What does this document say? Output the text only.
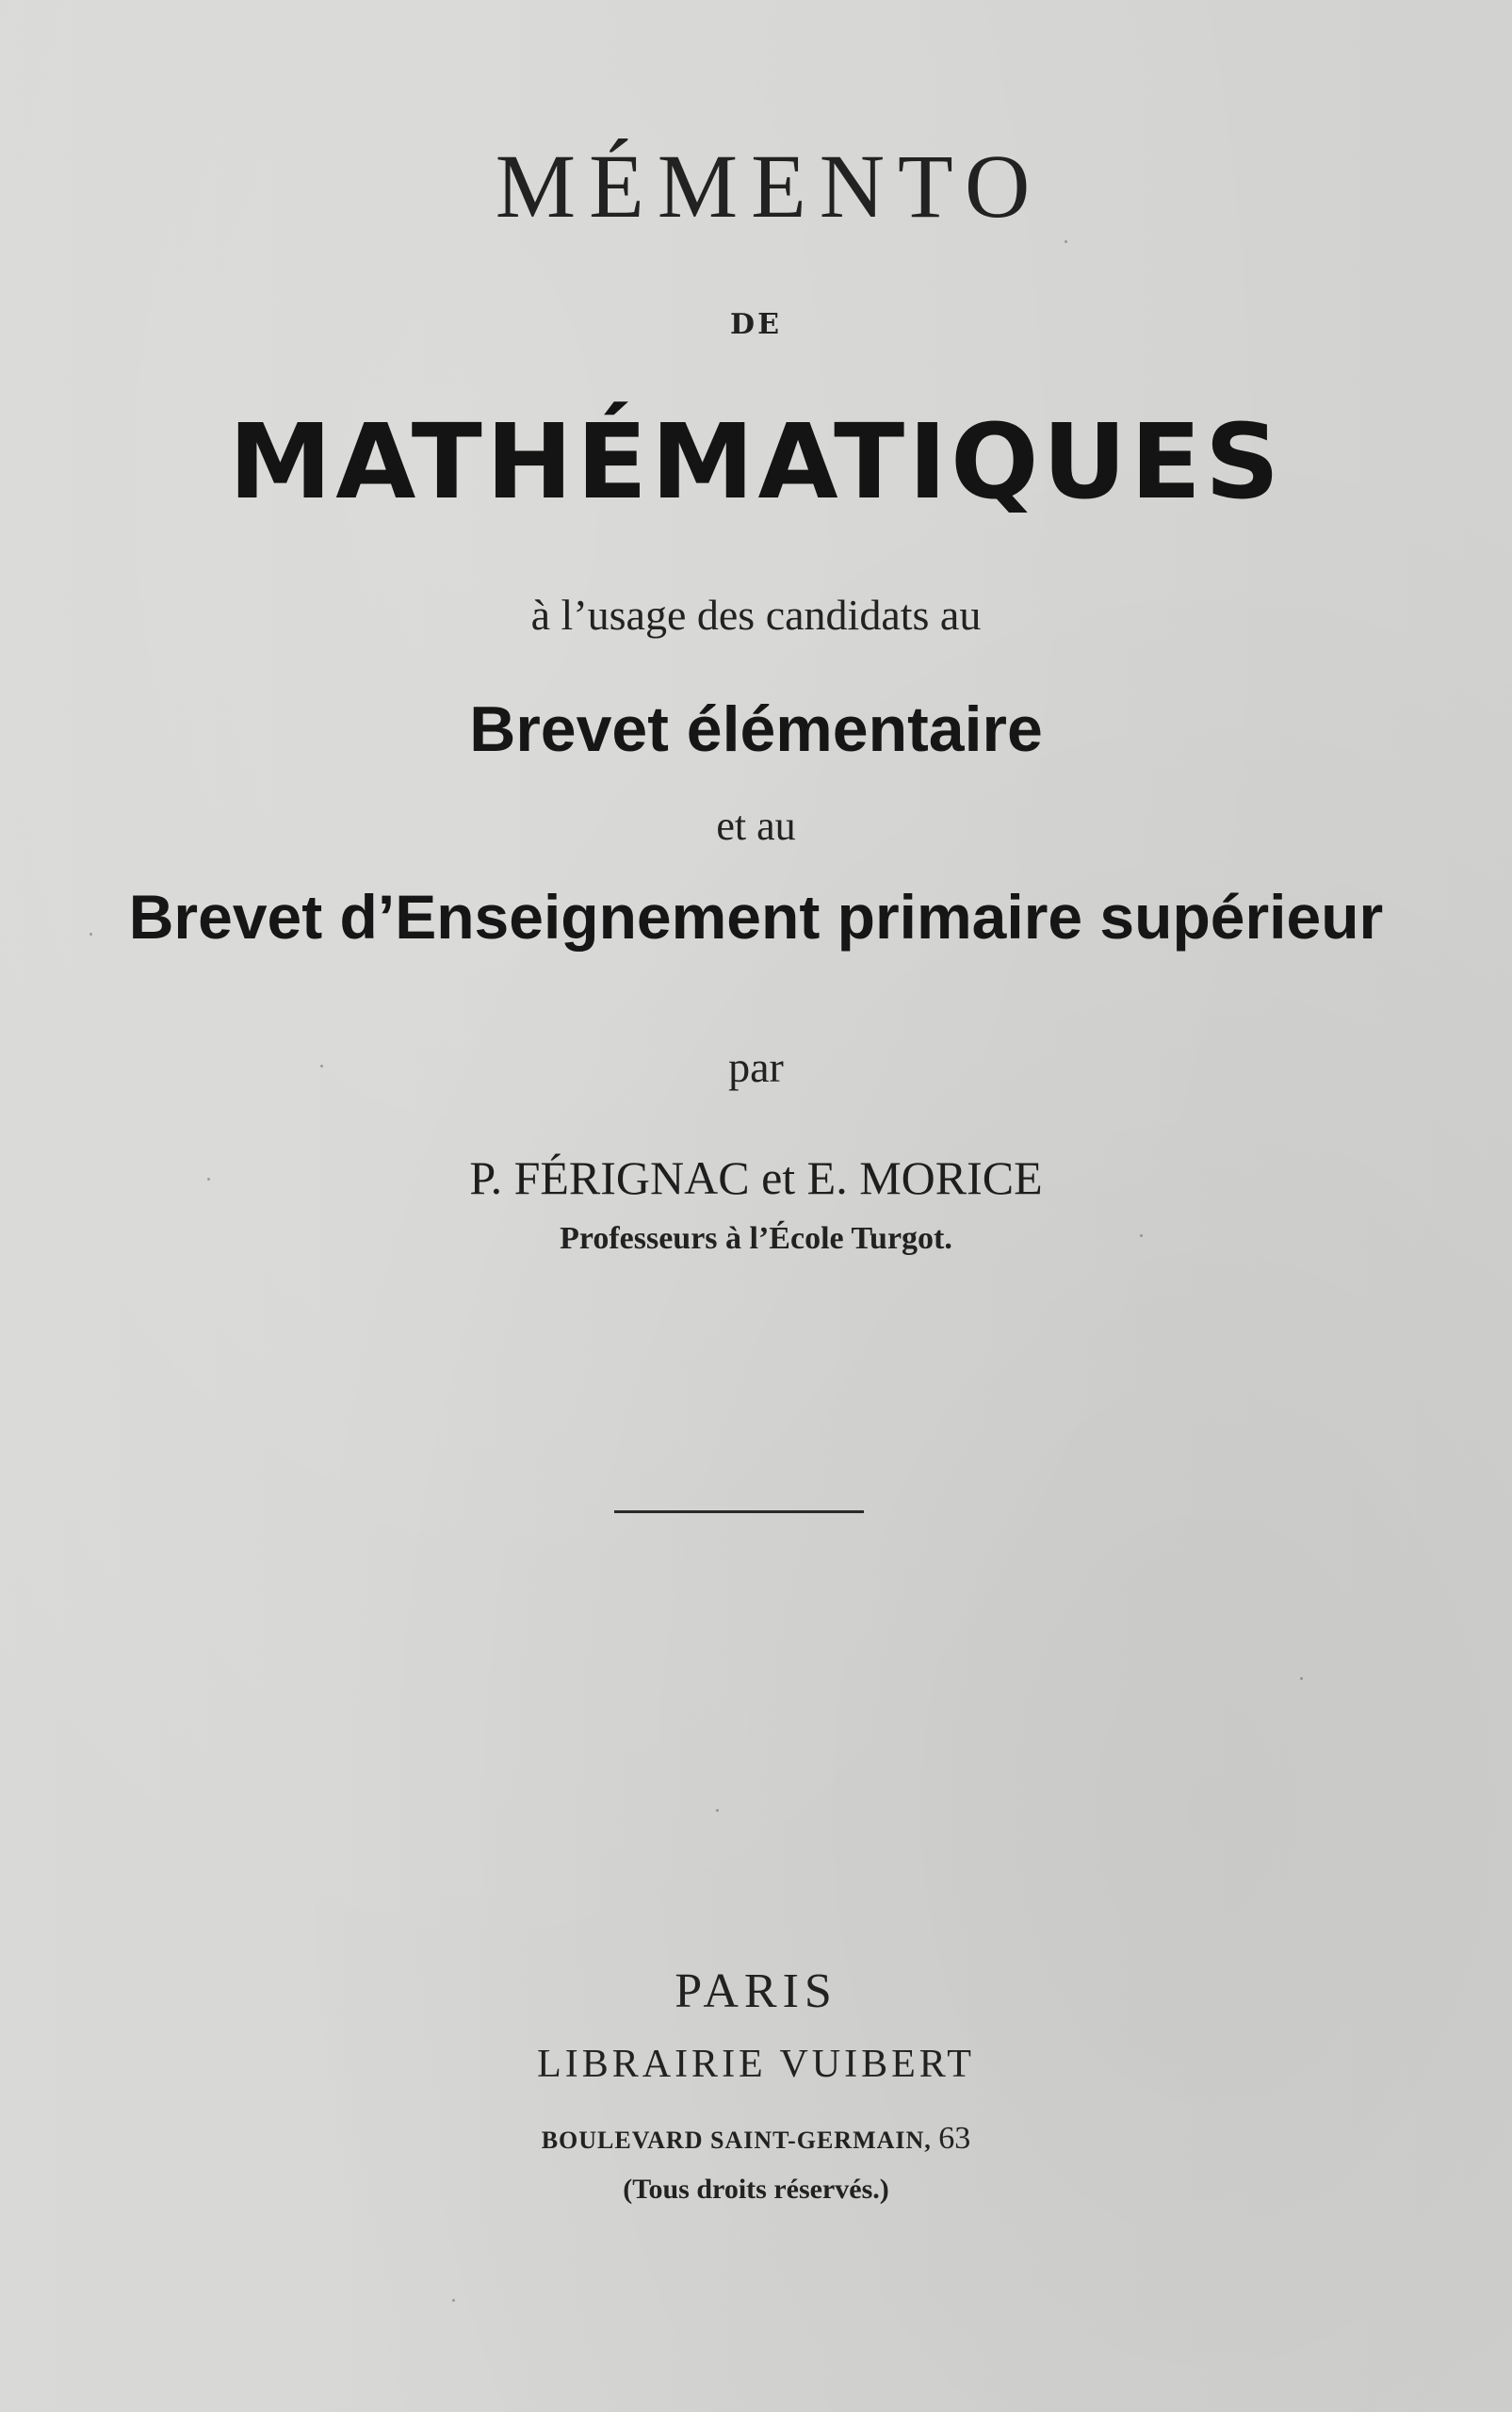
MÉMENTO
DE
MATHÉMATIQUES
à l’usage des candidats au
Brevet élémentaire
et au
Brevet d’Enseignement primaire supérieur
par
P. FÉRIGNAC et E. MORICE
Professeurs à l’École Turgot.
PARIS
LIBRAIRIE VUIBERT
BOULEVARD SAINT-GERMAIN, 63
(Tous droits réservés.)
